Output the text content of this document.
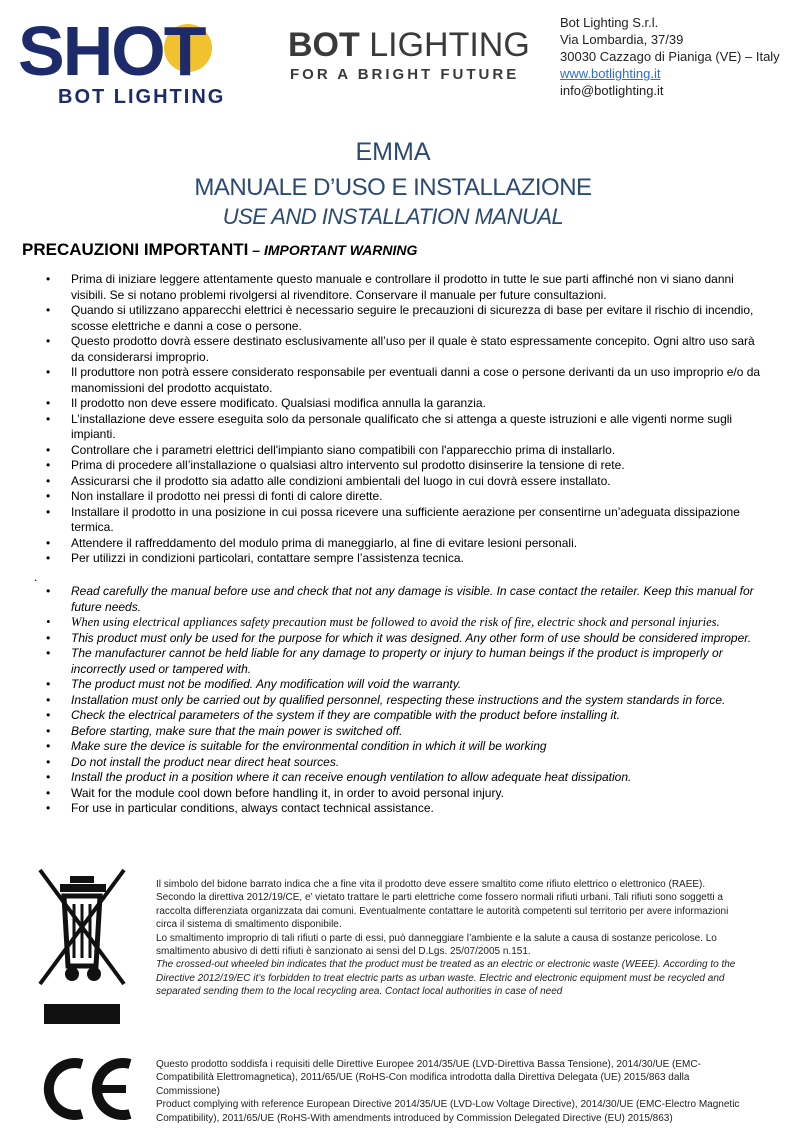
SHOT
BOT LIGHTING
BOT LIGHTING
FOR A BRIGHT FUTURE
Bot Lighting S.r.l.
Via Lombardia, 37/39
30030 Cazzago di Pianiga (VE) – Italy
www.botlighting.it
info@botlighting.it
EMMA
MANUALE D’USO E INSTALLAZIONE
USE AND INSTALLATION MANUAL
PRECAUZIONI IMPORTANTI – IMPORTANT WARNING
• Prima di iniziare leggere attentamente questo manuale e controllare il prodotto in tutte le sue parti affinché non vi siano danni visibili. Se si notano problemi rivolgersi al rivenditore. Conservare il manuale per future consultazioni.
• Quando si utilizzano apparecchi elettrici è necessario seguire le precauzioni di sicurezza di base per evitare il rischio di incendio, scosse elettriche e danni a cose o persone.
• Questo prodotto dovrà essere destinato esclusivamente all’uso per il quale è stato espressamente concepito. Ogni altro uso sarà da considerarsi improprio.
• Il produttore non potrà essere considerato responsabile per eventuali danni a cose o persone derivanti da un uso improprio e/o da manomissioni del prodotto acquistato.
• Il prodotto non deve essere modificato. Qualsiasi modifica annulla la garanzia.
• L’installazione deve essere eseguita solo da personale qualificato che si attenga a queste istruzioni e alle vigenti norme sugli impianti.
• Controllare che i parametri elettrici dell'impianto siano compatibili con l'apparecchio prima di installarlo.
• Prima di procedere all’installazione o qualsiasi altro intervento sul prodotto disinserire la tensione di rete.
• Assicurarsi che il prodotto sia adatto alle condizioni ambientali del luogo in cui dovrà essere installato.
• Non installare il prodotto nei pressi di fonti di calore dirette.
• Installare il prodotto in una posizione in cui possa ricevere una sufficiente aerazione per consentirne un’adeguata dissipazione termica.
• Attendere il raffreddamento del modulo prima di maneggiarlo, al fine di evitare lesioni personali.
• Per utilizzi in condizioni particolari, contattare sempre l’assistenza tecnica.
.
• Read carefully the manual before use and check that not any damage is visible. In case contact the retailer. Keep this manual for future needs.
• When using electrical appliances safety precaution must be followed to avoid the risk of fire, electric shock and personal injuries.
• This product must only be used for the purpose for which it was designed. Any other form of use should be considered improper.
• The manufacturer cannot be held liable for any damage to property or injury to human beings if the product is improperly or incorrectly used or tampered with.
• The product must not be modified. Any modification will void the warranty.
• Installation must only be carried out by qualified personnel, respecting these instructions and the system standards in force.
• Check the electrical parameters of the system if they are compatible with the product before installing it.
• Before starting, make sure that the main power is switched off.
• Make sure the device is suitable for the environmental condition in which it will be working
• Do not install the product near direct heat sources.
• Install the product in a position where it can receive enough ventilation to allow adequate heat dissipation.
• Wait for the module cool down before handling it, in order to avoid personal injury.
• For use in particular conditions, always contact technical assistance.
Il simbolo del bidone barrato indica che a fine vita il prodotto deve essere smaltito come rifiuto elettrico o elettronico (RAEE). Secondo la direttiva 2012/19/CE, e’ vietato trattare le parti elettriche come fossero normali rifiuti urbani. Tali rifiuti sono soggetti a raccolta differenziata organizzata dai comuni. Eventualmente contattare le autorità competenti sul territorio per avere informazioni circa il sistema di smaltimento disponibile.
Lo smaltimento improprio di tali rifiuti o parte di essi, può danneggiare l’ambiente e la salute a causa di sostanze pericolose. Lo smaltimento abusivo di detti rifiuti è sanzionato ai sensi del D.Lgs. 25/07/2005 n.151.
The crossed-out wheeled bin indicates that the product must be treated as an electric or electronic waste (WEEE). According to the Directive 2012/19/EC it’s forbidden to treat electric parts as urban waste. Electric and electronic equipment must be recycled and separated sending them to the local recycling area. Contact local authorities in case of need
Questo prodotto soddisfa i requisiti delle Direttive Europee 2014/35/UE (LVD-Direttiva Bassa Tensione), 2014/30/UE (EMC-Compatibilità Elettromagnetica), 2011/65/UE (RoHS-Con modifica introdotta dalla Direttiva Delegata (UE) 2015/863 dalla Commissione)
Product complying with reference European Directive 2014/35/UE (LVD-Low Voltage Directive), 2014/30/UE (EMC-Electro Magnetic Compatibility), 2011/65/UE (RoHS-With amendments introduced by Commission Delegated Directive (EU) 2015/863)
